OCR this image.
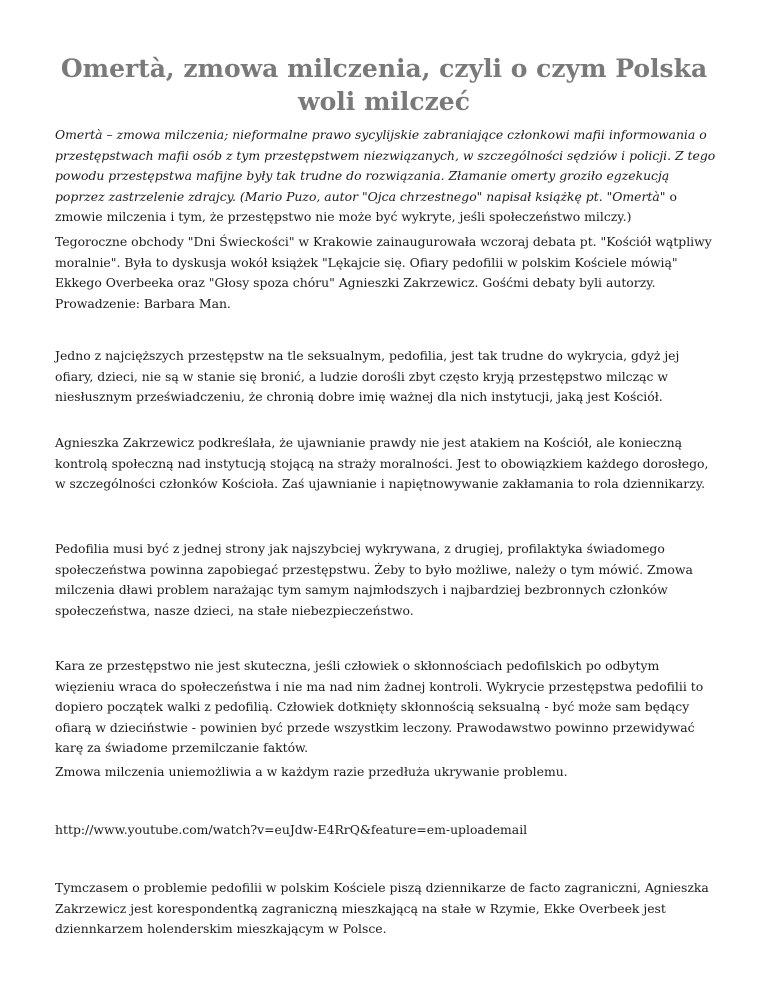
Omertà, zmowa milczenia, czyli o czym Polska woli milczeć

Omertà – zmowa milczenia; nieformalne prawo sycylijskie zabraniające członkowi mafii informowania o przestępstwach mafii osób z tym przestępstwem niezwiązanych, w szczególności sędziów i policji. Z tego powodu przestępstwa mafijne były tak trudne do rozwiązania. Złamanie omerty groziło egzekucją poprzez zastrzelenie zdrajcy. (Mario Puzo, autor "Ojca chrzestnego" napisał książkę pt. "Omertà" o zmowie milczenia i tym, że przestępstwo nie może być wykryte, jeśli społeczeństwo milczy.)

Tegoroczne obchody "Dni Świeckości" w Krakowie zainaugurowała wczoraj debata pt. "Kościół wątpliwy moralnie". Była to dyskusja wokół książek "Lękajcie się. Ofiary pedofilii w polskim Kościele mówią" Ekkego Overbeeka oraz "Głosy spoza chóru" Agnieszki Zakrzewicz. Gośćmi debaty byli autorzy. Prowadzenie: Barbara Man.

Jedno z najcięższych przestępstw na tle seksualnym, pedofilia, jest tak trudne do wykrycia, gdyż jej ofiary, dzieci, nie są w stanie się bronić, a ludzie dorośli zbyt często kryją przestępstwo milcząc w niesłusznym przeświadczeniu, że chronią dobre imię ważnej dla nich instytucji, jaką jest Kościół.

Agnieszka Zakrzewicz podkreślała, że ujawnianie prawdy nie jest atakiem na Kościół, ale konieczną kontrolą społeczną nad instytucją stojącą na straży moralności. Jest to obowiązkiem każdego dorosłego, w szczególności członków Kościoła. Zaś ujawnianie i napiętnowywanie zakłamania to rola dziennikarzy.

Pedofilia musi być z jednej strony jak najszybciej wykrywana, z drugiej, profilaktyka świadomego społeczeństwa powinna zapobiegać przestępstwu. Żeby to było możliwe, należy o tym mówić. Zmowa milczenia dławi problem narażając tym samym najmłodszych i najbardziej bezbronnych członków społeczeństwa, nasze dzieci, na stałe niebezpieczeństwo.

Kara ze przestępstwo nie jest skuteczna, jeśli człowiek o skłonnościach pedofilskich po odbytym więzieniu wraca do społeczeństwa i nie ma nad nim żadnej kontroli. Wykrycie przestępstwa pedofilii to dopiero początek walki z pedofilią. Człowiek dotknięty skłonnością seksualną - być może sam będący ofiarą w dzieciństwie - powinien być przede wszystkim leczony. Prawodawstwo powinno przewidywać karę za świadome przemilczanie faktów.

Zmowa milczenia uniemożliwia a w każdym razie przedłuża ukrywanie problemu.

http://www.youtube.com/watch?v=euJdw-E4RrQ&feature=em-uploademail

Tymczasem o problemie pedofilii w polskim Kościele piszą dziennikarze de facto zagraniczni, Agnieszka Zakrzewicz jest korespondentką zagraniczną mieszkającą na stałe w Rzymie, Ekke Overbeek jest dziennkarzem holenderskim mieszkającym w Polsce.
